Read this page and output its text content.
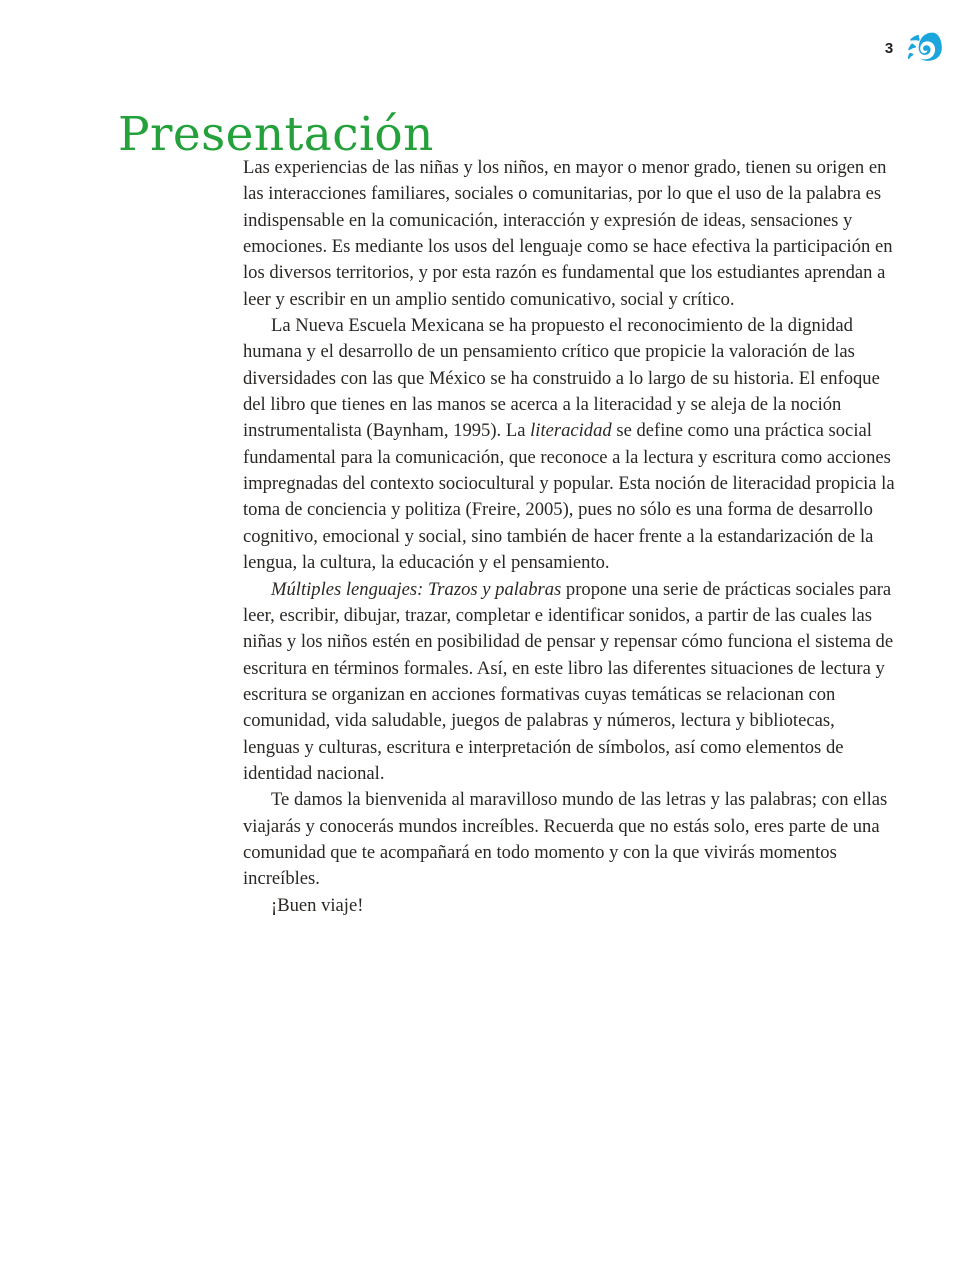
3
Presentación

Las experiencias de las niñas y los niños, en mayor o menor grado, tienen su origen en las interacciones familiares, sociales o comunitarias, por lo que el uso de la palabra es indispensable en la comunicación, interacción y expresión de ideas, sensaciones y emociones. Es mediante los usos del lenguaje como se hace efectiva la participación en los diversos territorios, y por esta razón es fundamental que los estudiantes aprendan a leer y escribir en un amplio sentido comunicativo, social y crítico.

La Nueva Escuela Mexicana se ha propuesto el reconocimiento de la dignidad humana y el desarrollo de un pensamiento crítico que propicie la valoración de las diversidades con las que México se ha construido a lo largo de su historia. El enfoque del libro que tienes en las manos se acerca a la literacidad y se aleja de la noción instrumentalista (Baynham, 1995). La literacidad se define como una práctica social fundamental para la comunicación, que reconoce a la lectura y escritura como acciones impregnadas del contexto sociocultural y popular. Esta noción de literacidad propicia la toma de conciencia y politiza (Freire, 2005), pues no sólo es una forma de desarrollo cognitivo, emocional y social, sino también de hacer frente a la estandarización de la lengua, la cultura, la educación y el pensamiento.

Múltiples lenguajes: Trazos y palabras propone una serie de prácticas sociales para leer, escribir, dibujar, trazar, completar e identificar sonidos, a partir de las cuales las niñas y los niños estén en posibilidad de pensar y repensar cómo funciona el sistema de escritura en términos formales. Así, en este libro las diferentes situaciones de lectura y escritura se organizan en acciones formativas cuyas temáticas se relacionan con comunidad, vida saludable, juegos de palabras y números, lectura y bibliotecas, lenguas y culturas, escritura e interpretación de símbolos, así como elementos de identidad nacional.

Te damos la bienvenida al maravilloso mundo de las letras y las palabras; con ellas viajarás y conocerás mundos increíbles. Recuerda que no estás solo, eres parte de una comunidad que te acompañará en todo momento y con la que vivirás momentos increíbles.

¡Buen viaje!
